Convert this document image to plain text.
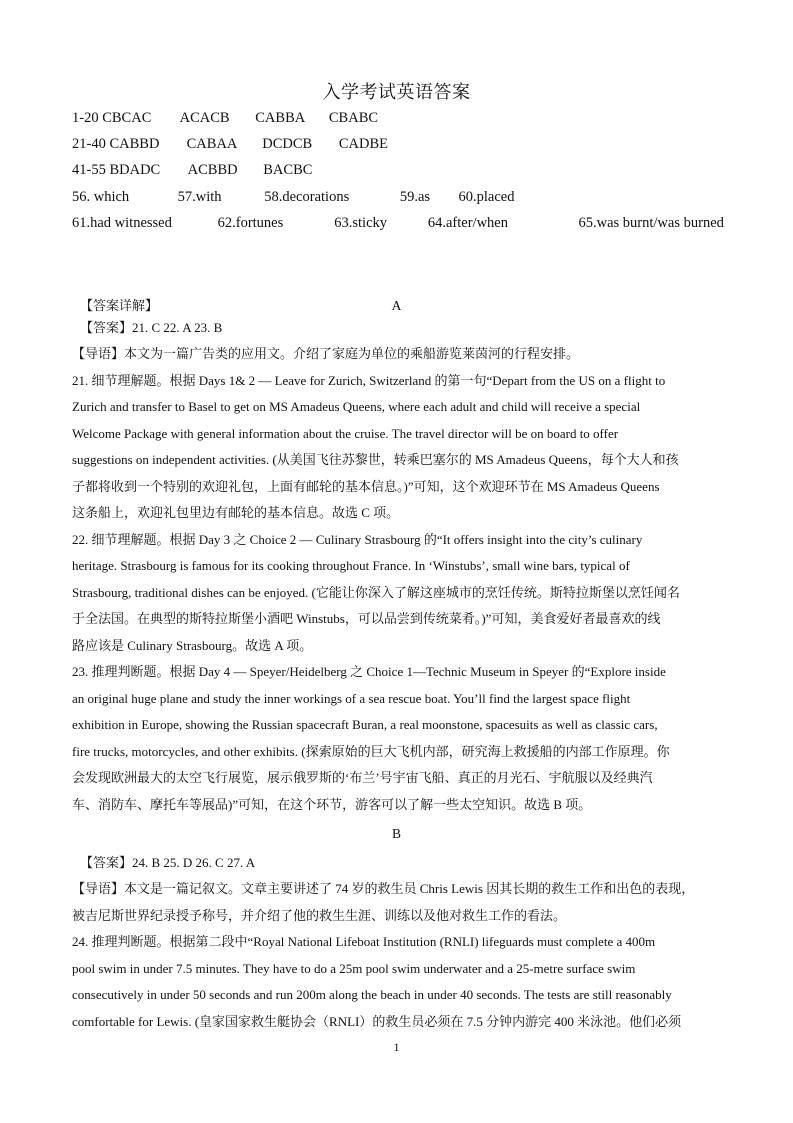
入学考试英语答案
1-20 CBCAC ACACB CABBA CBABC
21-40 CABBD CABAA DCDCB CADBE
41-55 BDADC ACBBD BACBC
56. which	57.with	58.decorations	59.as 60.placed
61.had witnessed	62.fortunes	63.sticky	64.after/when	65.was burnt/was burned
【答案详解】	A
【答案】21. C 22. A 23. B
【导语】本文为一篇广告类的应用文。介绍了家庭为单位的乘船游览莱茵河的行程安排。
21. 细节理解题。根据 Days 1& 2 — Leave for Zurich, Switzerland 的第一句“Depart from the US on a flight to
Zurich and transfer to Basel to get on MS Amadeus Queens, where each adult and child will receive a special
Welcome Package with general information about the cruise. The travel director will be on board to offer
suggestions on independent activities. (从美国飞往苏黎世，转乘巴塞尔的 MS Amadeus Queens，每个大人和孩
子都将收到一个特别的欢迎礼包，上面有邮轮的基本信息。)”可知，这个欢迎环节在 MS Amadeus Queens
这条船上，欢迎礼包里边有邮轮的基本信息。故选 C 项。
22. 细节理解题。根据 Day 3 之 Choice 2 — Culinary Strasbourg 的“It offers insight into the city’s culinary
heritage. Strasbourg is famous for its cooking throughout France. In ‘Winstubs’, small wine bars, typical of
Strasbourg, traditional dishes can be enjoyed. (它能让你深入了解这座城市的烹饪传统。斯特拉斯堡以烹饪闻名
于全法国。在典型的斯特拉斯堡小酒吧 Winstubs，可以品尝到传统菜肴。)”可知，美食爱好者最喜欢的线
路应该是 Culinary Strasbourg。故选 A 项。
23. 推理判断题。根据 Day 4 — Speyer/Heidelberg 之 Choice 1—Technic Museum in Speyer 的“Explore inside
an original huge plane and study the inner workings of a sea rescue boat. You’ll find the largest space flight
exhibition in Europe, showing the Russian spacecraft Buran, a real moonstone, spacesuits as well as classic cars,
fire trucks, motorcycles, and other exhibits. (探索原始的巨大飞机内部，研究海上救援船的内部工作原理。你
会发现欧洲最大的太空飞行展览，展示俄罗斯的‘布兰’号宇宙飞船、真正的月光石、宇航服以及经典汽
车、消防车、摩托车等展品)”可知，在这个环节，游客可以了解一些太空知识。故选 B 项。
B
【答案】24. B 25. D 26. C 27. A
【导语】本文是一篇记叙文。文章主要讲述了 74 岁的救生员 Chris Lewis 因其长期的救生工作和出色的表现，
被吉尼斯世界纪录授予称号，并介绍了他的救生生涯、训练以及他对救生工作的看法。
24. 推理判断题。根据第二段中“Royal National Lifeboat Institution (RNLI) lifeguards must complete a 400m
pool swim in under 7.5 minutes. They have to do a 25m pool swim underwater and a 25-metre surface swim
consecutively in under 50 seconds and run 200m along the beach in under 40 seconds. The tests are still reasonably
comfortable for Lewis. (皇家国家救生艇协会（RNLI）的救生员必须在 7.5 分钟内游完 400 米泳池。他们必须
1
